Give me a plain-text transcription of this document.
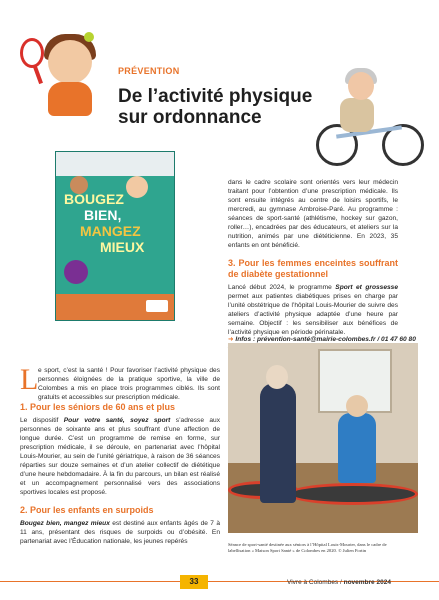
PRÉVENTION
De l’activité physique sur ordonnance
BOUGEZ
BIEN,
MANGEZ
MIEUX

dans le cadre scolaire sont orientés vers leur médecin traitant pour l’obtention d’une prescription médicale. Ils sont ensuite intégrés au centre de loisirs sportifs, le mercredi, au gymnase Ambroise-Paré. Au programme : séances de sport-santé (athlétisme, hockey sur gazon, roller…), encadrées par des éducateurs, et ateliers sur la nutrition, animés par une diététicienne. En 2023, 35 enfants en ont bénéficié.

3. Pour les femmes enceintes souffrant de diabète gestationnel

Lancé début 2024, le programme Sport et grossesse permet aux patientes diabétiques prises en charge par l’unité obstétrique de l’hôpital Louis-Mourier de suivre des ateliers d’activité physique adaptée d’une heure par semaine. Objectif : les sensibiliser aux bénéfices de l’activité physique en période périnatale.

➜ Infos : prévention-santé@mairie-colombes.fr / 01 47 60 80
L e sport, c’est la santé ! Pour favoriser l’activité physique des personnes éloignées de la pratique sportive, la ville de Colombes a mis en place trois programmes ciblés. Ils sont gratuits et accessibles sur prescription médicale.
1. Pour les séniors de 60 ans et plus

Le dispositif Pour votre santé, soyez sport s’adresse aux personnes de soixante ans et plus souffrant d’une affection de longue durée. C’est un programme de remise en forme, sur prescription médicale, il se déroule, en partenariat avec l’hôpital Louis-Mourier, au sein de l’unité gériatrique, à raison de 36 séances réparties sur douze semaines et d’un atelier collectif de diététique d’une heure hebdomadaire. À la fin du parcours, un bilan est réalisé et un accompagnement personnalisé vers des associations sportives locales est proposé.

2. Pour les enfants en surpoids

Bougez bien, mangez mieux est destiné aux enfants âgés de 7 à 11 ans, présentant des risques de surpoids ou d’obésité. En partenariat avec l’Éducation nationale, les jeunes repérés	Séance de sport-santé destinée aux séniors à l’Hôpital Louis-Mourier, dans le cadre de labellisation « Maison Sport Santé » de Colombes en 2020. © Julien Fortin
33	Vivre à Colombes / novembre 2024
